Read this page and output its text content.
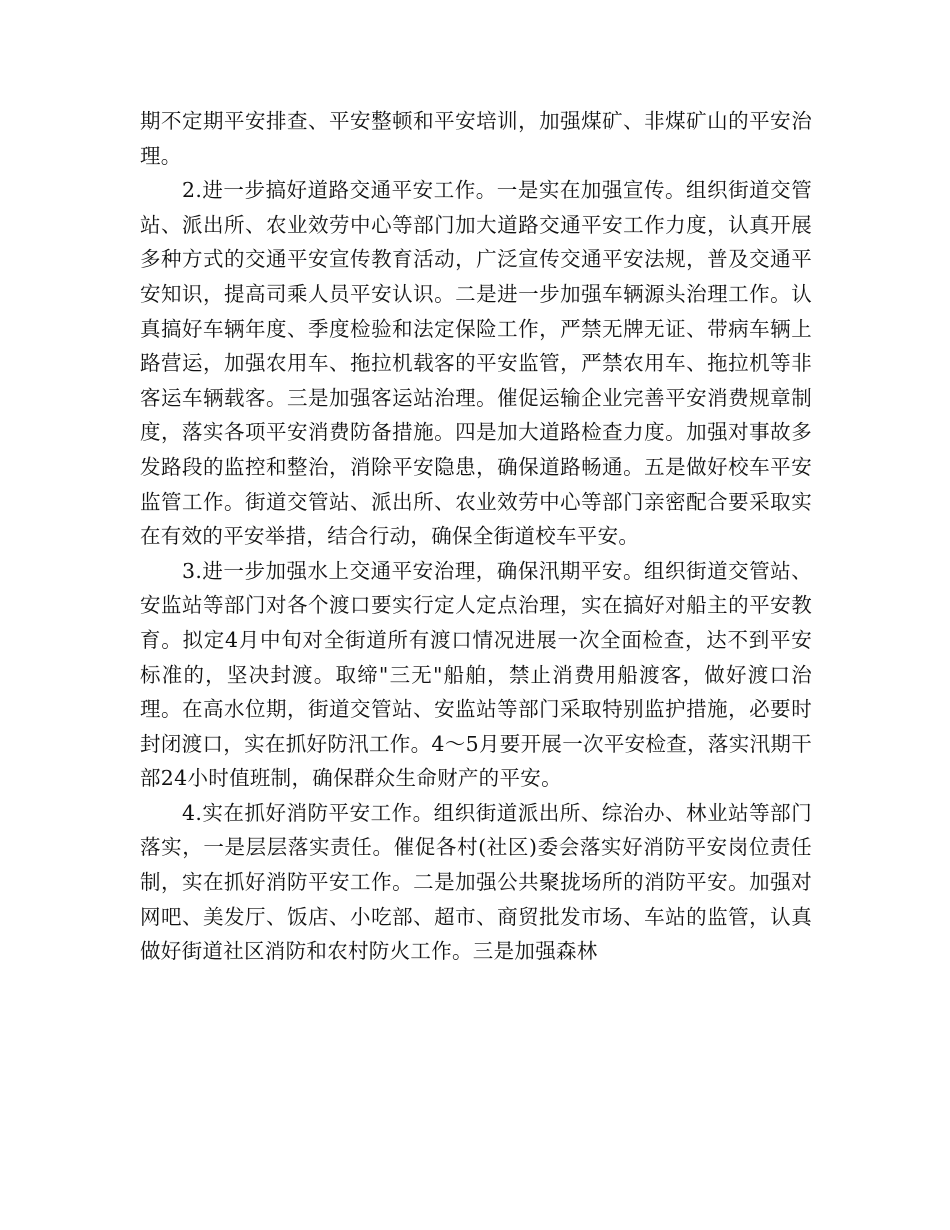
期不定期平安排查、平安整顿和平安培训，加强煤矿、非煤矿山的平安治理。

2.进一步搞好道路交通平安工作。一是实在加强宣传。组织街道交管站、派出所、农业效劳中心等部门加大道路交通平安工作力度，认真开展多种方式的交通平安宣传教育活动，广泛宣传交通平安法规，普及交通平安知识，提高司乘人员平安认识。二是进一步加强车辆源头治理工作。认真搞好车辆年度、季度检验和法定保险工作，严禁无牌无证、带病车辆上路营运，加强农用车、拖拉机载客的平安监管，严禁农用车、拖拉机等非客运车辆载客。三是加强客运站治理。催促运输企业完善平安消费规章制度，落实各项平安消费防备措施。四是加大道路检查力度。加强对事故多发路段的监控和整治，消除平安隐患，确保道路畅通。五是做好校车平安监管工作。街道交管站、派出所、农业效劳中心等部门亲密配合要采取实在有效的平安举措，结合行动，确保全街道校车平安。

3.进一步加强水上交通平安治理，确保汛期平安。组织街道交管站、安监站等部门对各个渡口要实行定人定点治理，实在搞好对船主的平安教育。拟定4月中旬对全街道所有渡口情况进展一次全面检查，达不到平安标准的，坚决封渡。取缔"三无"船舶，禁止消费用船渡客，做好渡口治理。在高水位期，街道交管站、安监站等部门采取特别监护措施，必要时封闭渡口，实在抓好防汛工作。4～5月要开展一次平安检查，落实汛期干部24小时值班制，确保群众生命财产的平安。

4.实在抓好消防平安工作。组织街道派出所、综治办、林业站等部门落实，一是层层落实责任。催促各村(社区)委会落实好消防平安岗位责任制，实在抓好消防平安工作。二是加强公共聚拢场所的消防平安。加强对网吧、美发厅、饭店、小吃部、超市、商贸批发市场、车站的监管，认真做好街道社区消防和农村防火工作。三是加强森林
